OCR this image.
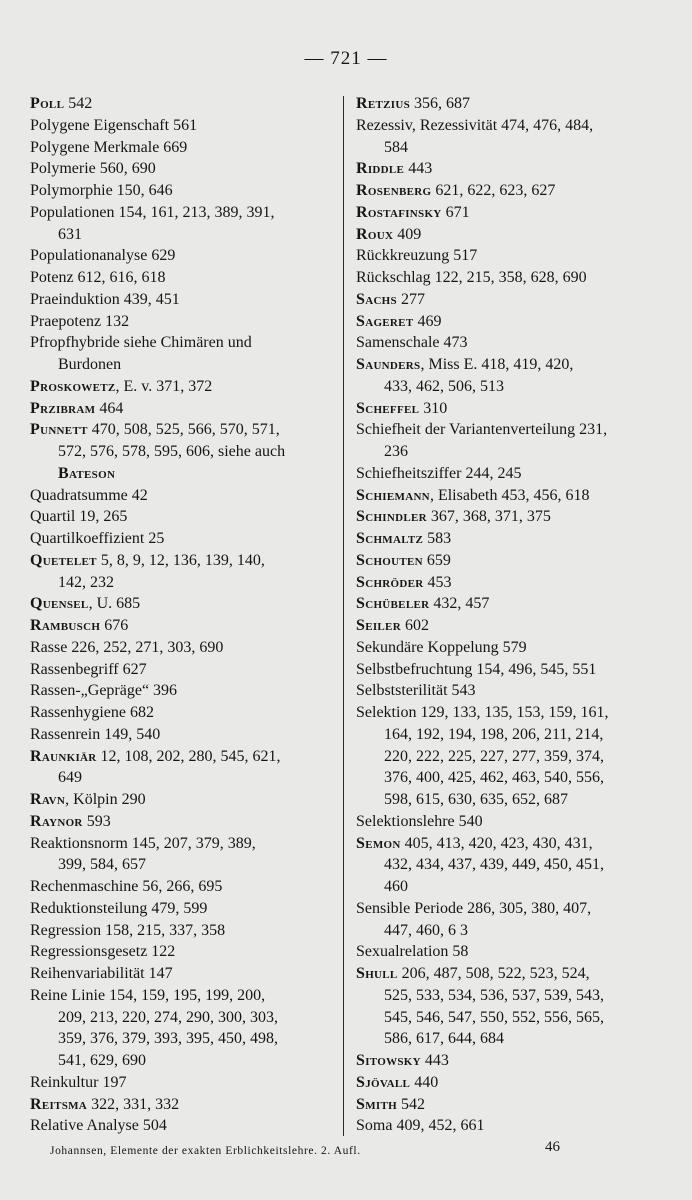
— 721 —
Poll 542
Polygene Eigenschaft 561
Polygene Merkmale 669
Polymerie 560, 690
Polymorphie 150, 646
Populationen 154, 161, 213, 389, 391,
631
Populationanalyse 629
Potenz 612, 616, 618
Praeinduktion 439, 451
Praepotenz 132
Pfropfhybride siehe Chimären und
Burdonen
Proskowetz, E. v. 371, 372
Przibram 464
Punnett 470, 508, 525, 566, 570, 571,
572, 576, 578, 595, 606, siehe auch
Bateson
Quadratsumme 42
Quartil 19, 265
Quartilkoeffizient 25
Quetelet 5, 8, 9, 12, 136, 139, 140,
142, 232
Quensel, U. 685
Rambusch 676
Rasse 226, 252, 271, 303, 690
Rassenbegriff 627
Rassen-„Gepräge“ 396
Rassenhygiene 682
Rassenrein 149, 540
Raunkiär 12, 108, 202, 280, 545, 621,
649
Ravn, Kölpin 290
Raynor 593
Reaktionsnorm 145, 207, 379, 389,
399, 584, 657
Rechenmaschine 56, 266, 695
Reduktionsteilung 479, 599
Regression 158, 215, 337, 358
Regressionsgesetz 122
Reihenvariabilität 147
Reine Linie 154, 159, 195, 199, 200,
209, 213, 220, 274, 290, 300, 303,
359, 376, 379, 393, 395, 450, 498,
541, 629, 690
Reinkultur 197
Reitsma 322, 331, 332
Relative Analyse 504
Retzius 356, 687
Rezessiv, Rezessivität 474, 476, 484,
584
Riddle 443
Rosenberg 621, 622, 623, 627
Rostafinsky 671
Roux 409
Rückkreuzung 517
Rückschlag 122, 215, 358, 628, 690
Sachs 277
Sageret 469
Samenschale 473
Saunders, Miss E. 418, 419, 420,
433, 462, 506, 513
Scheffel 310
Schiefheit der Variantenverteilung 231,
236
Schiefheitsziffer 244, 245
Schiemann, Elisabeth 453, 456, 618
Schindler 367, 368, 371, 375
Schmaltz 583
Schouten 659
Schröder 453
Schübeler 432, 457
Seiler 602
Sekundäre Koppelung 579
Selbstbefruchtung 154, 496, 545, 551
Selbststerilität 543
Selektion 129, 133, 135, 153, 159, 161,
164, 192, 194, 198, 206, 211, 214,
220, 222, 225, 227, 277, 359, 374,
376, 400, 425, 462, 463, 540, 556,
598, 615, 630, 635, 652, 687
Selektionslehre 540
Semon 405, 413, 420, 423, 430, 431,
432, 434, 437, 439, 449, 450, 451,
460
Sensible Periode 286, 305, 380, 407,
447, 460, 6 3
Sexualrelation 58
Shull 206, 487, 508, 522, 523, 524,
525, 533, 534, 536, 537, 539, 543,
545, 546, 547, 550, 552, 556, 565,
586, 617, 644, 684
Sitowsky 443
Sjövall 440
Smith 542
Soma 409, 452, 661
Johannsen, Elemente der exakten Erblichkeitslehre. 2. Aufl.	46
